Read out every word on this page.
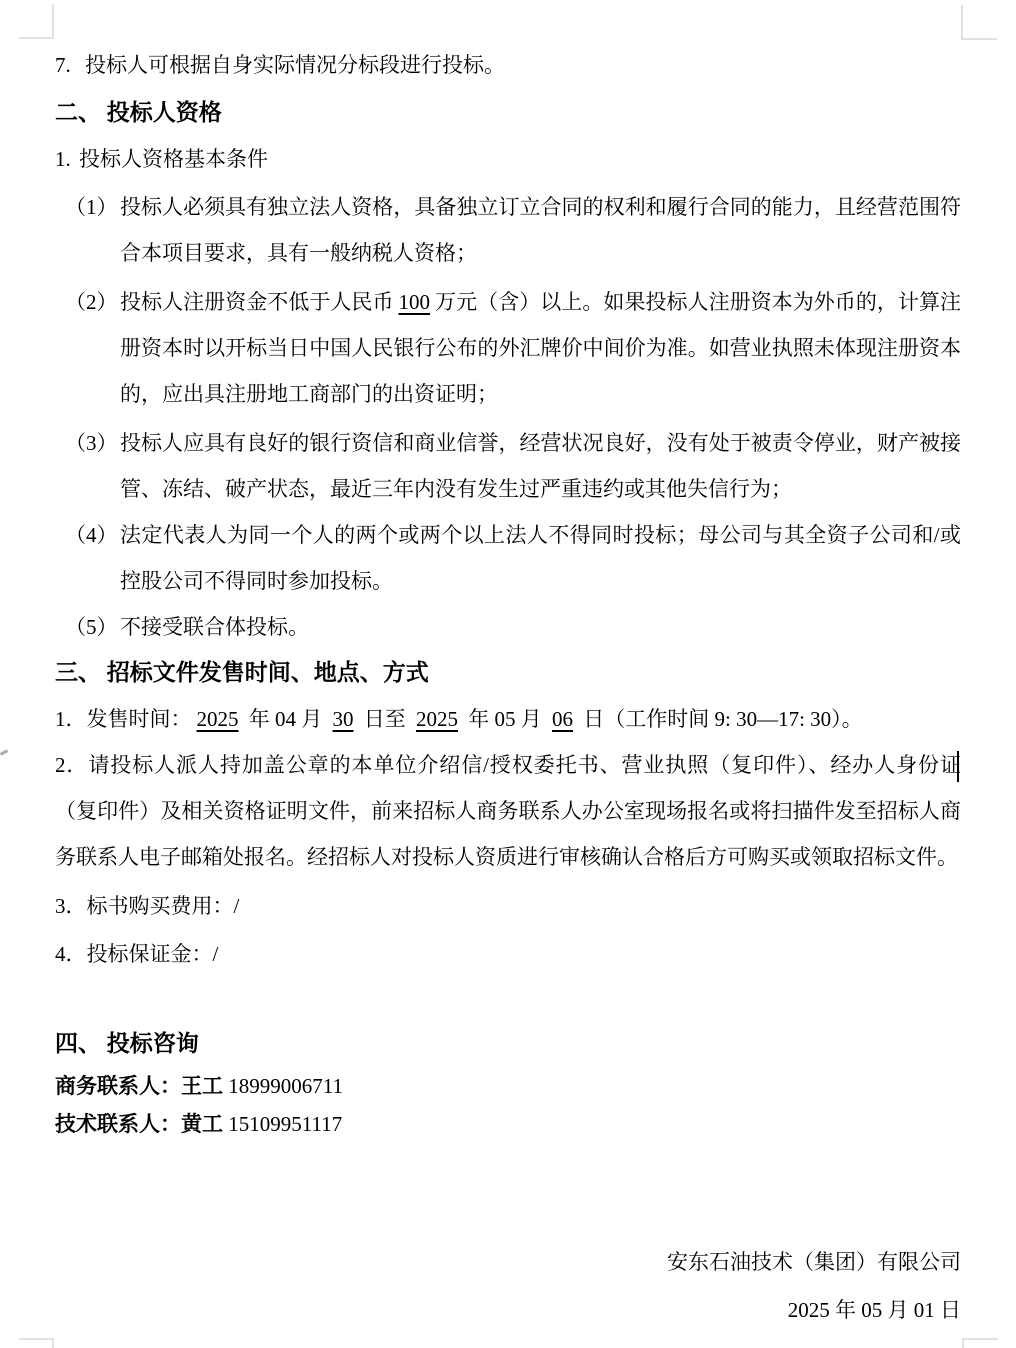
7. 投标人可根据自身实际情况分标段进行投标。

二、 投标人资格

1. 投标人资格基本条件

（1） 投标人必须具有独立法人资格，具备独立订立合同的权利和履行合同的能力，且经营范围符合本项目要求，具有一般纳税人资格；
（2） 投标人注册资金不低于人民币 100 万元（含）以上。如果投标人注册资本为外币的，计算注册资本时以开标当日中国人民银行公布的外汇牌价中间价为准。如营业执照未体现注册资本的，应出具注册地工商部门的出资证明；
（3） 投标人应具有良好的银行资信和商业信誉，经营状况良好，没有处于被责令停业，财产被接管、冻结、破产状态，最近三年内没有发生过严重违约或其他失信行为；
（4） 法定代表人为同一个人的两个或两个以上法人不得同时投标；母公司与其全资子公司和/或控股公司不得同时参加投标。
（5） 不接受联合体投标。
三、 招标文件发售时间、地点、方式

1．发售时间： 2025 年 04 月 30 日至 2025 年 05 月 06 日（工作时间 9: 30—17: 30）。

2．请投标人派人持加盖公章的本单位介绍信/授权委托书、营业执照（复印件）、经办人身份证（复印件）及相关资格证明文件，前来招标人商务联系人办公室现场报名或将扫描件发至招标人商务联系人电子邮箱处报名。经招标人对投标人资质进行审核确认合格后方可购买或领取招标文件。

3．标书购买费用：/

4．投标保证金：/

四、 投标咨询

商务联系人：王工 18999006711

技术联系人：黄工 15109951117

安东石油技术（集团）有限公司
2025 年 05 月 01 日
